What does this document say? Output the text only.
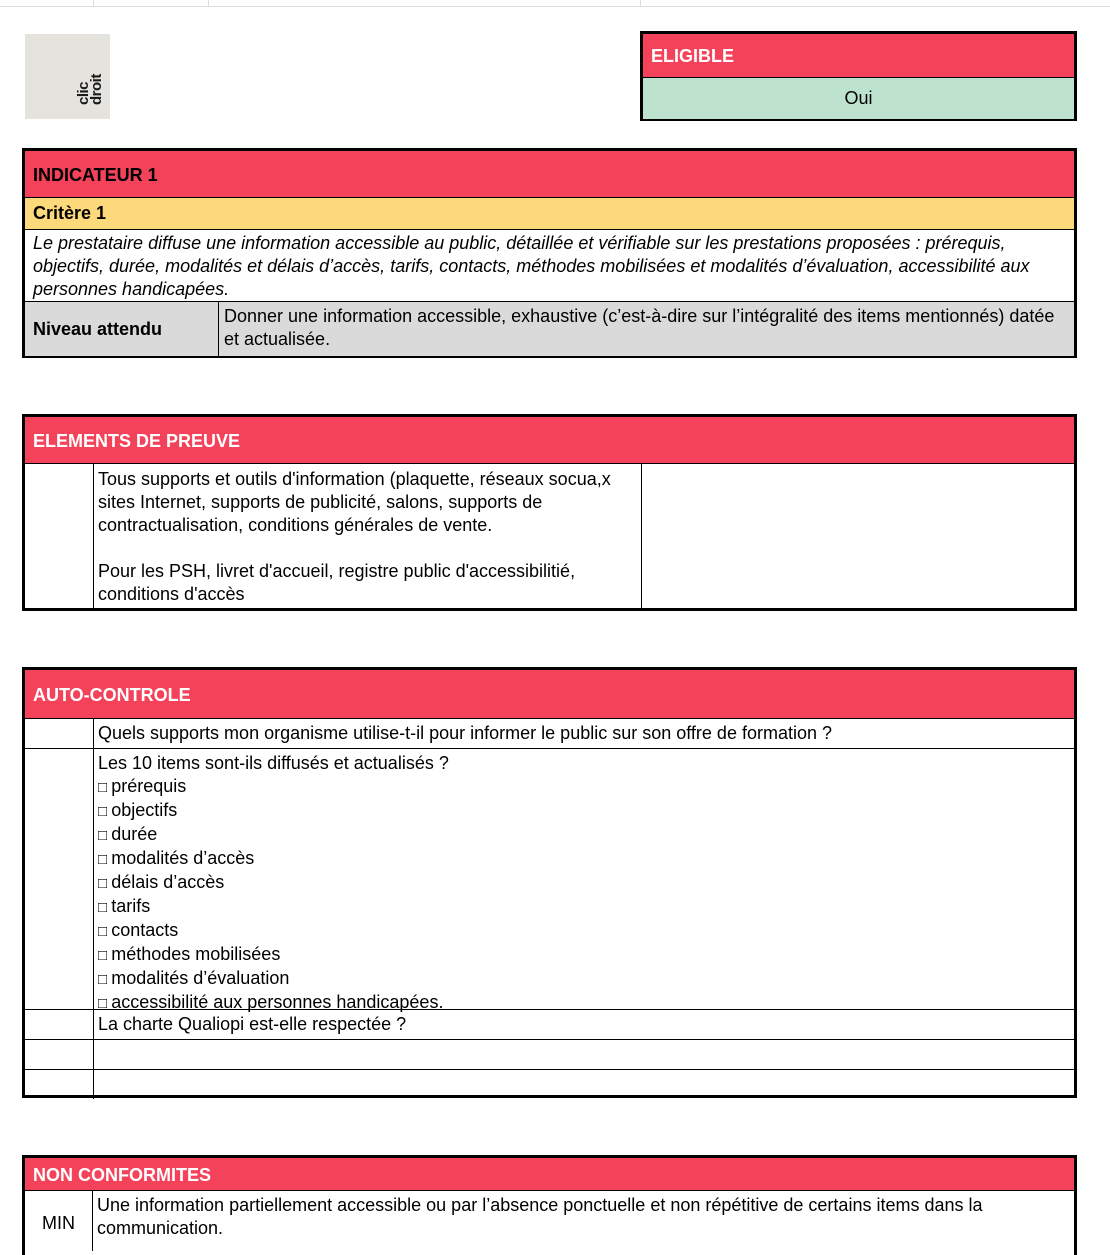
clic
droit
ELIGIBLE
Oui
INDICATEUR 1
Critère 1
Le prestataire diffuse une information accessible au public, détaillée et vérifiable sur les prestations proposées : prérequis, objectifs, durée, modalités et délais d’accès, tarifs, contacts, méthodes mobilisées et modalités d’évaluation, accessibilité aux personnes handicapées.
Niveau attendu
Donner une information accessible, exhaustive (c’est-à-dire sur l’intégralité des items mentionnés) datée et actualisée.
ELEMENTS DE PREUVE

Tous supports et outils d'information (plaquette, réseaux socua,x sites Internet, supports de publicité, salons, supports de contractualisation, conditions générales de vente.

Pour les PSH, livret d'accueil, registre public d'accessibilitié, conditions d'accès

AUTO-CONTROLE
Quels supports mon organisme utilise-t-il pour informer le public sur son offre de formation ?
Les 10 items sont-ils diffusés et actualisés ?
□ prérequis
□ objectifs
□ durée
□ modalités d’accès
□ délais d’accès
□ tarifs
□ contacts
□ méthodes mobilisées
□ modalités d’évaluation
□ accessibilité aux personnes handicapées.
La charte Qualiopi est-elle respectée ?
NON CONFORMITES
MIN
Une information partiellement accessible ou par l’absence ponctuelle et non répétitive de certains items dans la communication.
